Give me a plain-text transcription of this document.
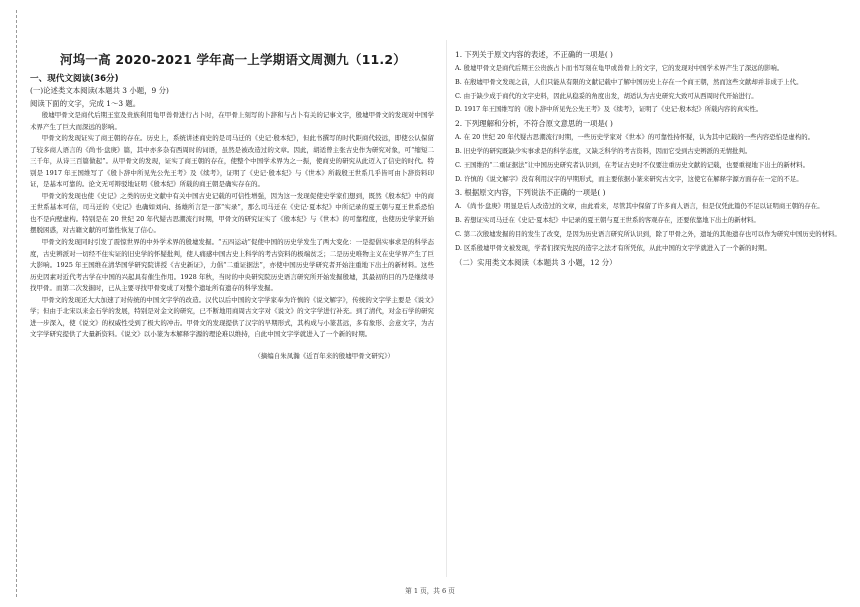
河坞一高 2020-2021 学年高一上学期语文周测九（11.2）
一、现代文阅读(36分)
(一)论述类文本阅读(本题共 3 小题，9 分)
阅读下面的文字，完成 1～3 题。

殷墟甲骨文是商代后期王室及贵族利用龟甲兽骨进行占卜时，在甲骨上刻写的卜辞和与占卜有关的记事文字，殷墟甲骨文的发现对中国学术界产生了巨大而深远的影响。

甲骨文的发现证实了商王朝的存在。历史上，系统讲述商史的是司马迁的《史记·殷本纪》，但此书撰写的时代距商代较远，即使公认保留了较多商人语言的《尚书·盘庚》篇，其中亦多杂有西周时的词语，虽然是被改造过的文章。因此，胡适曾主张古史作为研究对象，可“缩短二三千年，从诗三百篇做起”。从甲骨文的发现，证实了商王朝的存在，使整个中国学术界为之一振，使商史的研究从此迈入了信史的时代。特别是 1917 年王国维写了《殷卜辞中所见先公先王考》及《续考》，证明了《史记·殷本纪》与《世本》所载殷王世系几乎皆可由卜辞资料印证，是基本可靠的。论文无可辩驳地证明《殷本纪》所载的商王朝是确实存在的。

甲骨文的发现也使《史记》之类的历史文献中有关中国古史记载的可信性增强，因为这一发现促使史学家们想到，既然《殷本纪》中的商王世系基本可信，司马迁的《史记》也确如刘向、扬雄所言是一部“实录”，那么司马迁在《史记·夏本纪》中所记录的夏王朝与夏王世系恐怕也不是向壁虚构。特别是在 20 世纪 20 年代疑古思潮流行时期，甲骨文的研究证实了《殷本纪》与《世本》的可靠程度，也使历史学家开始摆脱困惑，对古籍文献的可靠性恢复了信心。

甲骨文的发现同时引发了震惊世界的中外学术界的殷墟发掘。“五四运动”促使中国的历史学发生了两大变化：一是提倡实事求是的科学态度，古史辨派对一切经不住实证的旧史学的怀疑批判，使人痛感中国古史上科学的考古资料的极端贫乏；二是历史唯物主义在史学界产生了巨大影响。1925 年王国维在清华国学研究院讲授《古史新证》，力倡“二重证据法”，亦使中国历史学研究者开始注重地下出土的新材料。这些历史因素对近代考古学在中国的兴起具有催生作用。1928 年秋，当时的中央研究院历史语言研究所开始发掘殷墟，其最初的目的乃是继续寻找甲骨。而第二次发掘时，已从主要寻找甲骨变成了对整个遗址所有遗存的科学发掘。

甲骨文的发现还大大加速了对传统的中国文字学的改造。汉代以后中国的文字学家奉为许慎的《说文解字》，传统的文字学主要是《说文》学；但由于北宋以来金石学的发展，特别是对金文的研究，已不断地用商周古文字对《说文》的文字学进行补充。到了清代，对金石学的研究进一步深入，使《说文》的权威性受到了极大的冲击。甲骨文的发现提供了汉字的早期形式，其构成与小篆甚远，多有象形、会意文字，为古文字学研究提供了大量新资料。《说文》以小篆为本解释字源的理论难以维持，自此中国文字学就进入了一个新的时期。

（摘编自朱凤瀚《近百年来的殷墟甲骨文研究》）

1. 下列关于原文内容的表述，不正确的一项是( )

A. 殷墟甲骨文是商代后期王公贵族占卜而书写刻在龟甲或兽骨上的文字，它的发现对中国学术界产生了深远的影响。

B. 在殷墟甲骨文发现之前，人们只能从有限的文献记载中了解中国历史上存在一个商王朝，然而这些文献却并非成于上代。

C. 由于缺少成于商代的文字史料，因此从稳妥的角度出发，胡适认为古史研究大致可从西周时代开始进行。

D. 1917 年王国维写的《殷卜辞中所见先公先王考》及《续考》，证明了《史记·殷本纪》所载内容的真实性。

2. 下列理解和分析，不符合原文意思的一项是( )

A. 在 20 世纪 20 年代疑古思潮流行时期，一些历史学家对《世本》的可靠性持怀疑，认为其中记载的一些内容恐怕是虚构的。

B. 旧史学的研究既缺少实事求是的科学态度，又缺乏科学的考古资料，因而它受到古史辨派的无情批判。

C. 王国维的“二重证据法”让中国历史研究者认识到，在考证古史时不仅要注重历史文献的记载，也要重视地下出土的新材料。

D. 许慎的《说文解字》没有利用汉字的早期形式，而主要依据小篆来研究古文字，这使它在解释字源方面存在一定的不足。

3. 根据原文内容，下列说法不正确的一项是( )

A. 《尚书·盘庚》明显是后人改造过的文章，由此看来，尽管其中保留了许多商人语言，但是仅凭此篇仍不足以证明商王朝的存在。

B. 若想证实司马迁在《史记·夏本纪》中记录的夏王朝与夏王世系的客观存在，还要依靠地下出土的新材料。

C. 第二次殷墟发掘的目的发生了改变，是因为历史语言研究所认识到，除了甲骨之外，遗址的其他遗存也可以作为研究中国历史的材料。

D. 区系殷墟甲骨文被发现，学者们探究先民的造字之法才有所凭依，从此中国的文字学就进入了一个新的时期。

（二）实用类文本阅读（本题共 3 小题，12 分）

第 1 页，共 6 页
